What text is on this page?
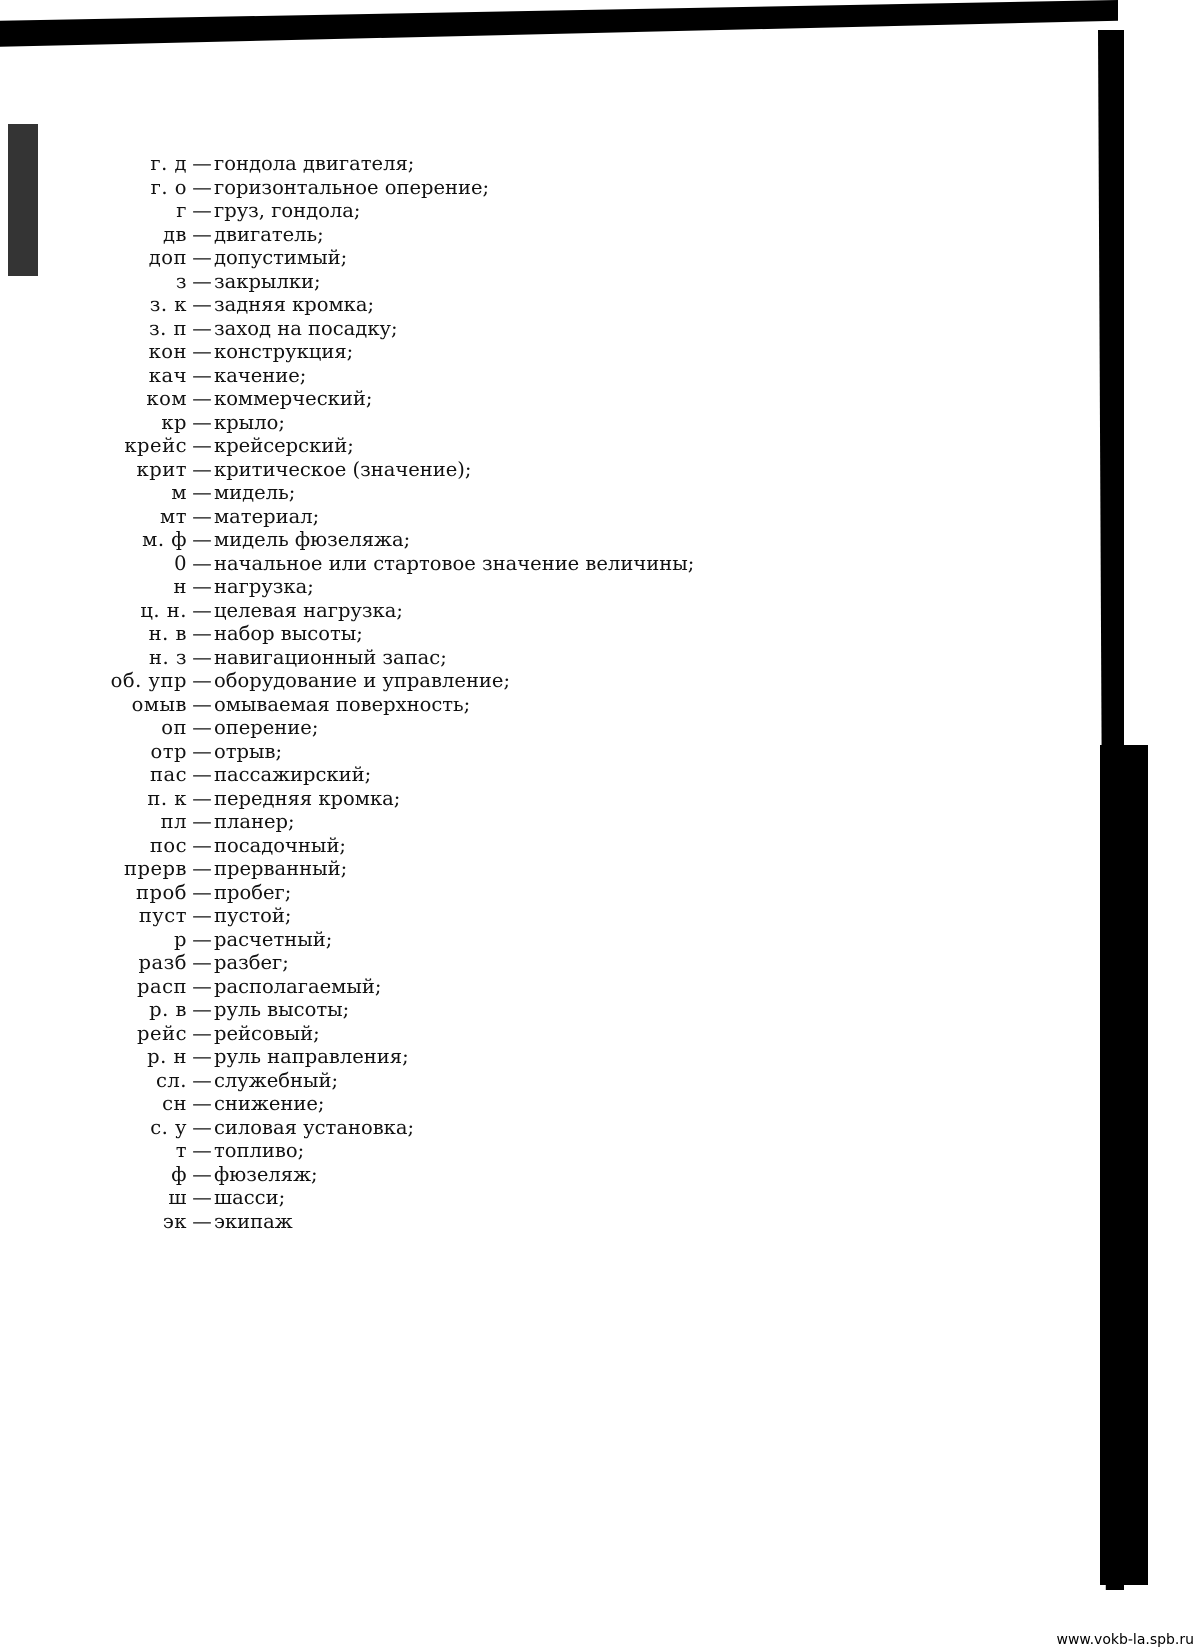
г. д — гондола двигателя;
г. о — горизонтальное оперение;
г — груз, гондола;
дв — двигатель;
доп — допустимый;
з — закрылки;
з. к — задняя кромка;
з. п — заход на посадку;
кон — конструкция;
кач — качение;
ком — коммерческий;
кр — крыло;
крейс — крейсерский;
крит — критическое (значение);
м — мидель;
мт — материал;
м. ф — мидель фюзеляжа;
0 — начальное или стартовое значение величины;
н — нагрузка;
ц. н. — целевая нагрузка;
н. в — набор высоты;
н. з — навигационный запас;
об. упр — оборудование и управление;
омыв — омываемая поверхность;
оп — оперение;
отр — отрыв;
пас — пассажирский;
п. к — передняя кромка;
пл — планер;
пос — посадочный;
прерв — прерванный;
проб — пробег;
пуст — пустой;
р — расчетный;
разб — разбег;
расп — располагаемый;
р. в — руль высоты;
рейс — рейсовый;
р. н — руль направления;
сл. — служебный;
сн — снижение;
с. у — силовая установка;
т — топливо;
ф — фюзеляж;
ш — шасси;
эк — экипаж
www.vokb-la.spb.ru
